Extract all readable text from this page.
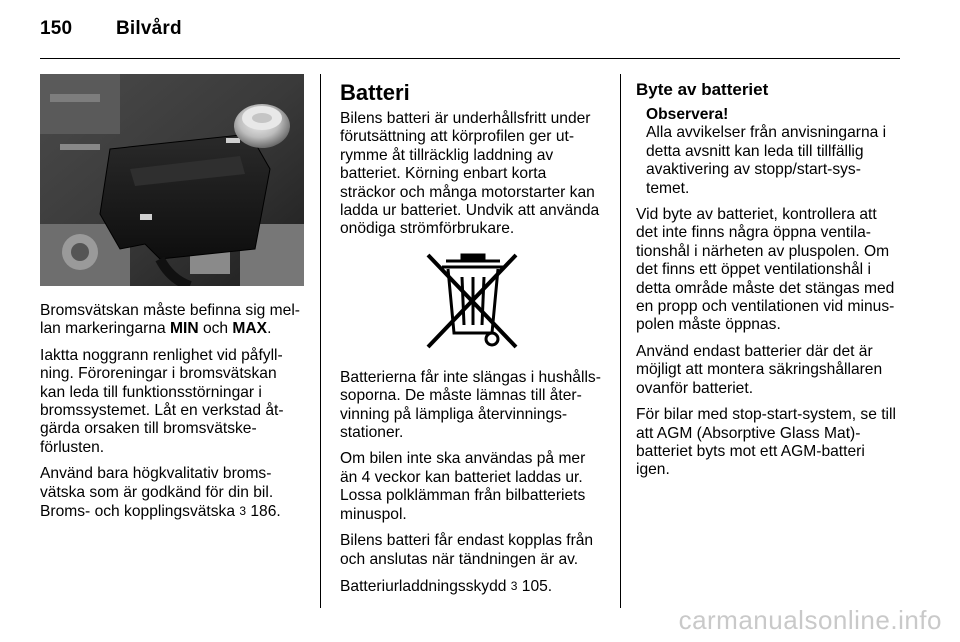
150 Bilvård

Bromsvätskan måste befinna sig mel-lan markeringarna MIN och MAX.

Iaktta noggrann renlighet vid påfyll-ning. Föroreningar i bromsvätskan kan leda till funktionsstörningar i bromssystemet. Låt en verkstad åt-gärda orsaken till bromsvätske-förlusten.

Använd bara högkvalitativ broms-vätska som är godkänd för din bil. Broms- och kopplingsvätska 3 186.

Batteri

Bilens batteri är underhållsfritt under förutsättning att körprofilen ger ut-rymme åt tillräcklig laddning av batteriet. Körning enbart korta sträckor och många motorstarter kan ladda ur batteriet. Undvik att använda onödiga strömförbrukare.

Batterierna får inte slängas i hushålls-soporna. De måste lämnas till åter-vinning på lämpliga återvinnings-stationer.

Om bilen inte ska användas på mer än 4 veckor kan batteriet laddas ur. Lossa polklämman från bilbatteriets minuspol.

Bilens batteri får endast kopplas från och anslutas när tändningen är av.

Batteriurladdningsskydd 3 105.

Byte av batteriet
Observera!
Alla avvikelser från anvisningarna i detta avsnitt kan leda till tillfällig avaktivering av stopp/start-sys-temet.

Vid byte av batteriet, kontrollera att det inte finns några öppna ventila-tionshål i närheten av pluspolen. Om det finns ett öppet ventilationshål i detta område måste det stängas med en propp och ventilationen vid minus-polen måste öppnas.

Använd endast batterier där det är möjligt att montera säkringshållaren ovanför batteriet.

För bilar med stop-start-system, se till att AGM (Absorptive Glass Mat)-batteriet byts mot ett AGM-batteri igen.

carmanualsonline.info
